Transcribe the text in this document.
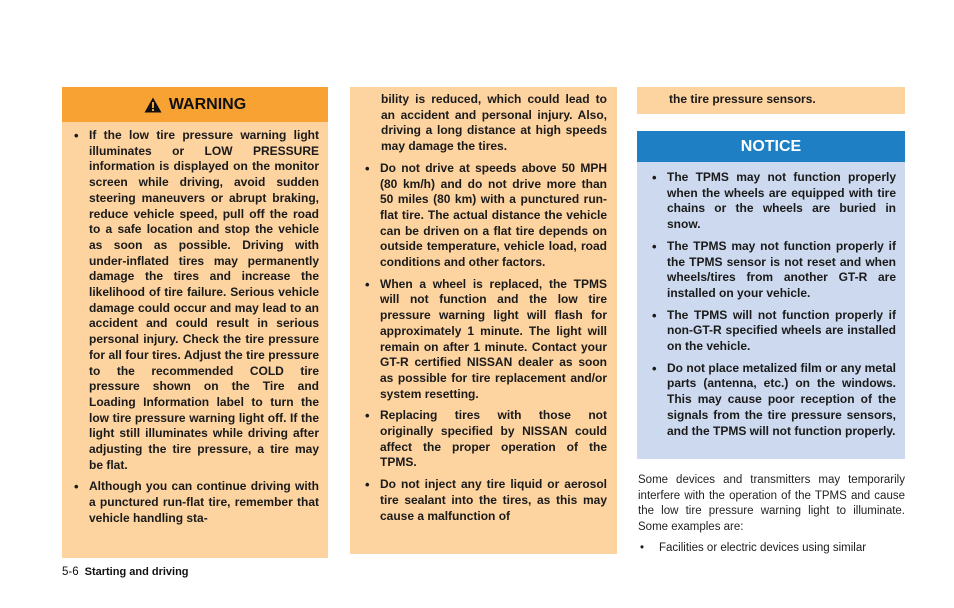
WARNING
• If the low tire pressure warning light illuminates or LOW PRESSURE information is displayed on the monitor screen while driving, avoid sudden steering maneuvers or abrupt braking, reduce vehicle speed, pull off the road to a safe location and stop the vehicle as soon as possible. Driving with under-inflated tires may permanently damage the tires and increase the likelihood of tire failure. Serious vehicle damage could occur and may lead to an accident and could result in serious personal injury. Check the tire pressure for all four tires. Adjust the tire pressure to the recommended COLD tire pressure shown on the Tire and Loading Information label to turn the low tire pressure warning light off. If the light still illuminates while driving after adjusting the tire pressure, a tire may be flat.
• Although you can continue driving with a punctured run-flat tire, remember that vehicle handling sta-
bility is reduced, which could lead to an accident and personal injury. Also, driving a long distance at high speeds may damage the tires.
• Do not drive at speeds above 50 MPH (80 km/h) and do not drive more than 50 miles (80 km) with a punctured run-flat tire. The actual distance the vehicle can be driven on a flat tire depends on outside temperature, vehicle load, road conditions and other factors.
• When a wheel is replaced, the TPMS will not function and the low tire pressure warning light will flash for approximately 1 minute. The light will remain on after 1 minute. Contact your GT-R certified NISSAN dealer as soon as possible for tire replacement and/or system resetting.
• Replacing tires with those not originally specified by NISSAN could affect the proper operation of the TPMS.
• Do not inject any tire liquid or aerosol tire sealant into the tires, as this may cause a malfunction of
the tire pressure sensors.
NOTICE
• The TPMS may not function properly when the wheels are equipped with tire chains or the wheels are buried in snow.
• The TPMS may not function properly if the TPMS sensor is not reset and when wheels/tires from another GT-R are installed on your vehicle.
• The TPMS will not function properly if non-GT-R specified wheels are installed on the vehicle.
• Do not place metalized film or any metal parts (antenna, etc.) on the windows. This may cause poor reception of the signals from the tire pressure sensors, and the TPMS will not function properly.
Some devices and transmitters may temporarily interfere with the operation of the TPMS and cause the low tire pressure warning light to illuminate. Some examples are:
• Facilities or electric devices using similar
5-6 Starting and driving
